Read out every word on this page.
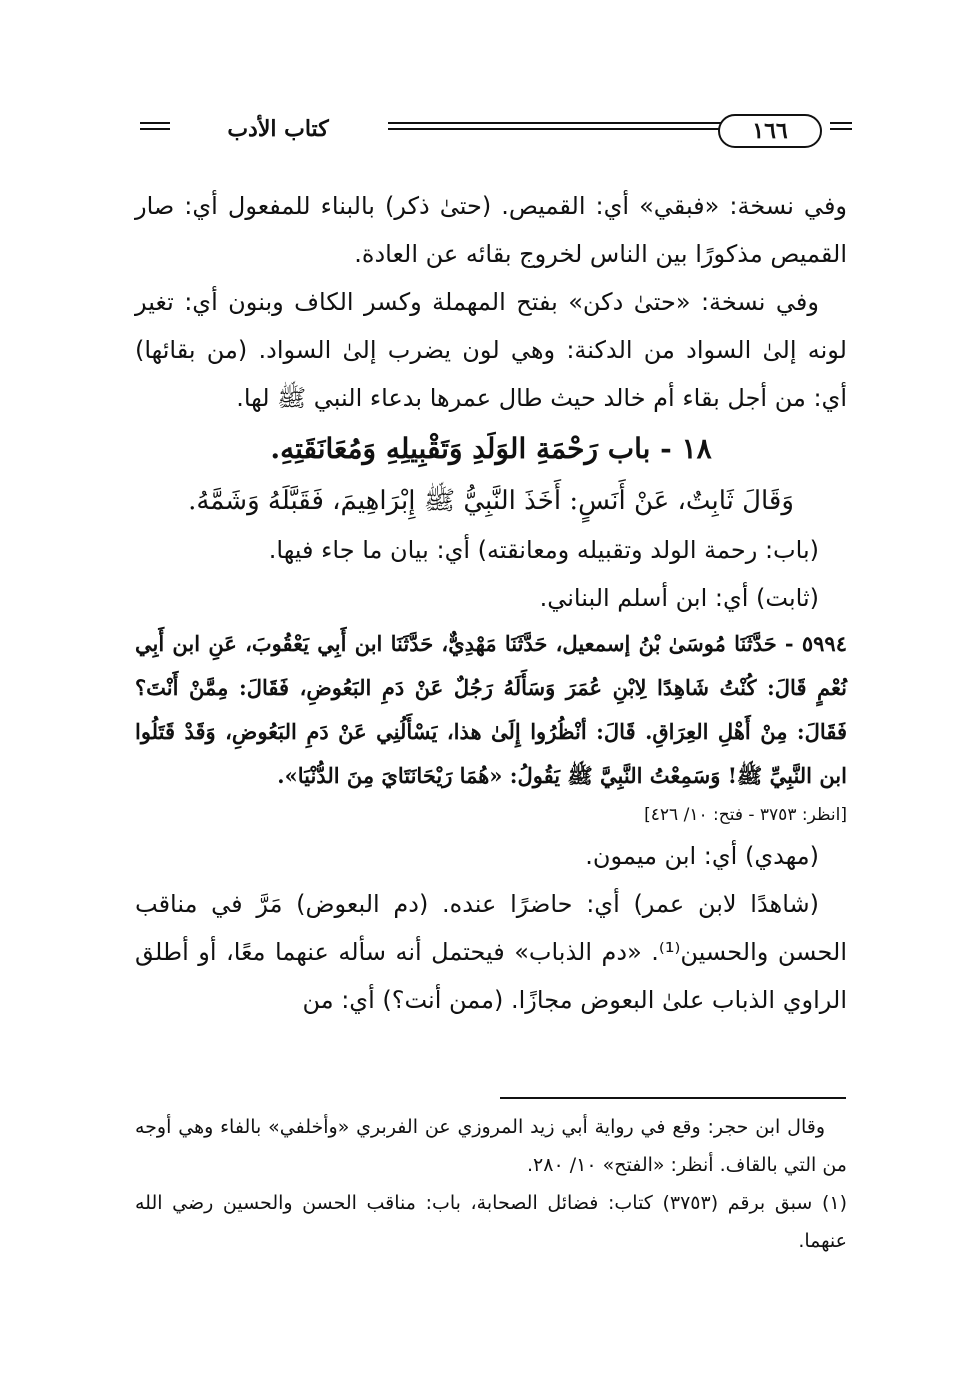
كتاب الأدب	١٦٦

وفي نسخة: «فبقي» أي: القميص. (حتىٰ ذكر) بالبناء للمفعول أي: صار القميص مذكورًا بين الناس لخروج بقائه عن العادة.

وفي نسخة: «حتىٰ دكن» بفتح المهملة وكسر الكاف وبنون أي: تغير لونه إلىٰ السواد من الدكنة: وهي لون يضرب إلىٰ السواد. (من بقائها) أي: من أجل بقاء أم خالد حيث طال عمرها بدعاء النبي ﷺ لها.

١٨ - باب رَحْمَةِ الوَلَدِ وَتَقْبِيلِهِ وَمُعَانَقَتِهِ.

وَقَالَ ثَابِتٌ، عَنْ أَنَسٍ: أَخَذَ النَّبِيُّ ﷺ إِبْرَاهِيمَ، فَقَبَّلَهُ وَشَمَّهُ.

(باب: رحمة الولد وتقبيله ومعانقته) أي: بيان ما جاء فيها.

(ثابت) أي: ابن أسلم البناني.

٥٩٩٤ - حَدَّثَنَا مُوسَىٰ بْنُ إسمعيل، حَدَّثَنَا مَهْدِيٌّ، حَدَّثَنَا ابن أَبِي يَعْقُوبَ، عَنِ ابن أَبِي نُعْمٍ قَالَ: كُنْتُ شَاهِدًا لِابْنِ عُمَرَ وَسَأَلَهُ رَجُلٌ عَنْ دَمِ البَعُوضِ، فَقَالَ: مِمَّنْ أَنْتَ؟ فَقَالَ: مِنْ أَهْلِ العِرَاقِ. قَالَ: أنْظُرُوا إِلَىٰ هذا، يَسْأَلُنِي عَنْ دَمِ البَعُوضِ، وَقَدْ قَتَلُوا ابن النَّبِيِّ ﷺ! وَسَمِعْتُ النَّبِيَّ ﷺ يَقُولُ: «هُمَا رَيْحَانَتَايَ مِنَ الدُّنْيَا».

[انظر: ٣٧٥٣ - فتح: ١٠/ ٤٢٦]

(مهدي) أي: ابن ميمون.

(شاهدًا لابن عمر) أي: حاضرًا عنده. (دم البعوض) مَرَّ في مناقب الحسن والحسين⁽¹⁾. «دم الذباب» فيحتمل أنه سأله عنهما معًا، أو أطلق الراوي الذباب علىٰ البعوض مجازًا. (ممن أنت؟) أي: من

وقال ابن حجر: وقع في رواية أبي زيد المروزي عن الفربري «وأخلفي» بالفاء وهي أوجه من التي بالقاف. أنظر: «الفتح» ١٠/ ٢٨٠.

(١) سبق برقم (٣٧٥٣) كتاب: فضائل الصحابة، باب: مناقب الحسن والحسين رضي الله عنهما.
